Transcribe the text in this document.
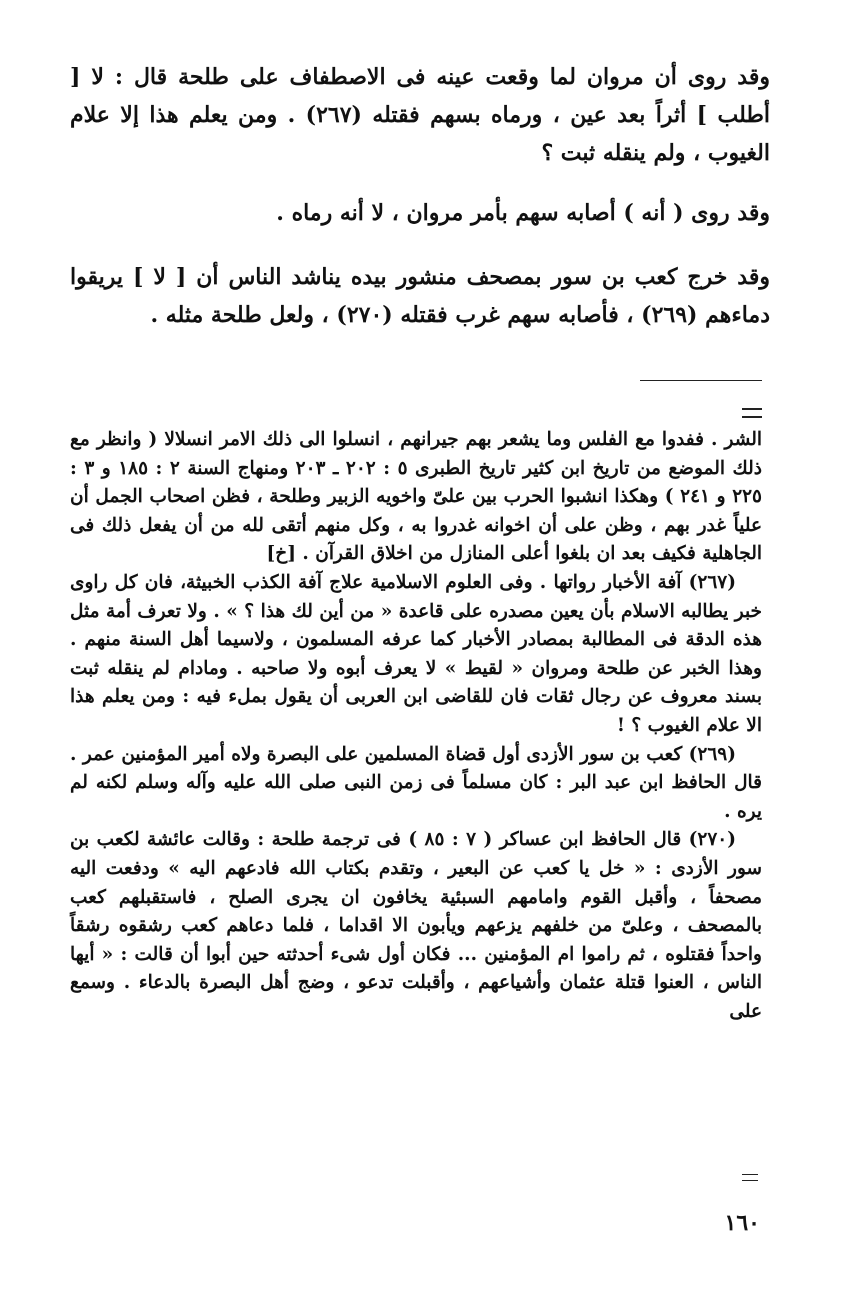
وقد روى أن مروان لما وقعت عينه فى الاصطفاف على طلحة قال : لا [ أطلب ] أثراً بعد عين ، ورماه بسهم فقتله (٢٦٧) . ومن يعلم هذا إلا علام الغيوب ، ولم ينقله ثبت ؟

وقد روى ( أنه ) أصابه سهم بأمر مروان ، لا أنه رماه .

وقد خرج كعب بن سور بمصحف منشور بيده يناشد الناس أن [ لا ] يريقوا دماءهم (٢٦٩) ، فأصابه سهم غرب فقتله (٢٧٠) ، ولعل طلحة مثله .

الشر . ففدوا مع الفلس وما يشعر بهم جيرانهم ، انسلوا الى ذلك الامر انسلالا ( وانظر مع ذلك الموضع من تاريخ ابن كثير تاريخ الطبرى ٥ : ٢٠٢ ـ ٢٠٣ ومنهاج السنة ٢ : ١٨٥ و ٣ : ٢٢٥ و ٢٤١ ) وهكذا انشبوا الحرب بين علىّ واخويه الزبير وطلحة ، فظن اصحاب الجمل أن علياً غدر بهم ، وظن على أن اخوانه غدروا به ، وكل منهم أتقى لله من أن يفعل ذلك فى الجاهلية فكيف بعد ان بلغوا أعلى المنازل من اخلاق القرآن . [خ]

(٢٦٧) آفة الأخبار رواتها . وفى العلوم الاسلامية علاج آفة الكذب الخبيثة، فان كل راوى خبر يطالبه الاسلام بأن يعين مصدره على قاعدة « من أين لك هذا ؟ » . ولا تعرف أمة مثل هذه الدقة فى المطالبة بمصادر الأخبار كما عرفه المسلمون ، ولاسيما أهل السنة منهم . وهذا الخبر عن طلحة ومروان « لقيط » لا يعرف أبوه ولا صاحبه . ومادام لم ينقله ثبت بسند معروف عن رجال ثقات فان للقاضى ابن العربى أن يقول بملء فيه : ومن يعلم هذا الا علام الغيوب ؟ !

(٢٦٩) كعب بن سور الأزدى أول قضاة المسلمين على البصرة ولاه أمير المؤمنين عمر . قال الحافظ ابن عبد البر : كان مسلماً فى زمن النبى صلى الله عليه وآله وسلم لكنه لم يره .

(٢٧٠) قال الحافظ ابن عساكر ( ٧ : ٨٥ ) فى ترجمة طلحة : وقالت عائشة لكعب بن سور الأزدى : « خل يا كعب عن البعير ، وتقدم بكتاب الله فادعهم اليه » ودفعت اليه مصحفاً ، وأقبل القوم وامامهم السبئية يخافون ان يجرى الصلح ، فاستقبلهم كعب بالمصحف ، وعلىّ من خلفهم يزعهم ويأبون الا اقداما ، فلما دعاهم كعب رشقوه رشقاً واحداً فقتلوه ، ثم راموا ام المؤمنين ... فكان أول شىء أحدثته حين أبوا أن قالت : « أيها الناس ، العنوا قتلة عثمان وأشياعهم ، وأقبلت تدعو ، وضج أهل البصرة بالدعاء . وسمع على

١٦٠
